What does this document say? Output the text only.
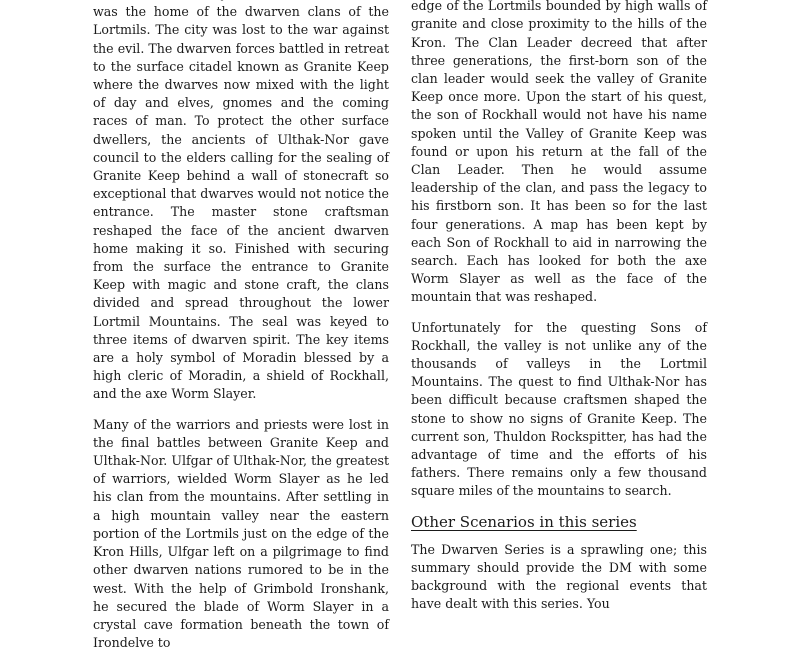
was the home of the dwarven clans of the Lortmils. The city was lost to the war against the evil. The dwarven forces battled in retreat to the surface citadel known as Granite Keep where the dwarves now mixed with the light of day and elves, gnomes and the coming races of man. To protect the other surface dwellers, the ancients of Ulthak-Nor gave council to the elders calling for the sealing of Granite Keep behind a wall of stonecraft so exceptional that dwarves would not notice the entrance. The master stone craftsman reshaped the face of the ancient dwarven home making it so. Finished with securing from the surface the entrance to Granite Keep with magic and stone craft, the clans divided and spread throughout the lower Lortmil Mountains. The seal was keyed to three items of dwarven spirit. The key items are a holy symbol of Moradin blessed by a high cleric of Moradin, a shield of Rockhall, and the axe Worm Slayer.

Many of the warriors and priests were lost in the final battles between Granite Keep and Ulthak-Nor. Ulfgar of Ulthak-Nor, the greatest of warriors, wielded Worm Slayer as he led his clan from the mountains. After settling in a high mountain valley near the eastern portion of the Lortmils just on the edge of the Kron Hills, Ulfgar left on a pilgrimage to find other dwarven nations rumored to be in the west. With the help of Grimbold Ironshank, he secured the blade of Worm Slayer in a crystal cave formation beneath the town of Irondelve to

edge of the Lortmils bounded by high walls of granite and close proximity to the hills of the Kron. The Clan Leader decreed that after three generations, the first-born son of the clan leader would seek the valley of Granite Keep once more. Upon the start of his quest, the son of Rockhall would not have his name spoken until the Valley of Granite Keep was found or upon his return at the fall of the Clan Leader. Then he would assume leadership of the clan, and pass the legacy to his firstborn son. It has been so for the last four generations. A map has been kept by each Son of Rockhall to aid in narrowing the search. Each has looked for both the axe Worm Slayer as well as the face of the mountain that was reshaped.

Unfortunately for the questing Sons of Rockhall, the valley is not unlike any of the thousands of valleys in the Lortmil Mountains. The quest to find Ulthak-Nor has been difficult because craftsmen shaped the stone to show no signs of Granite Keep. The current son, Thuldon Rockspitter, has had the advantage of time and the efforts of his fathers. There remains only a few thousand square miles of the mountains to search.

Other Scenarios in this series

The Dwarven Series is a sprawling one; this summary should provide the DM with some background with the regional events that have dealt with this series. You
